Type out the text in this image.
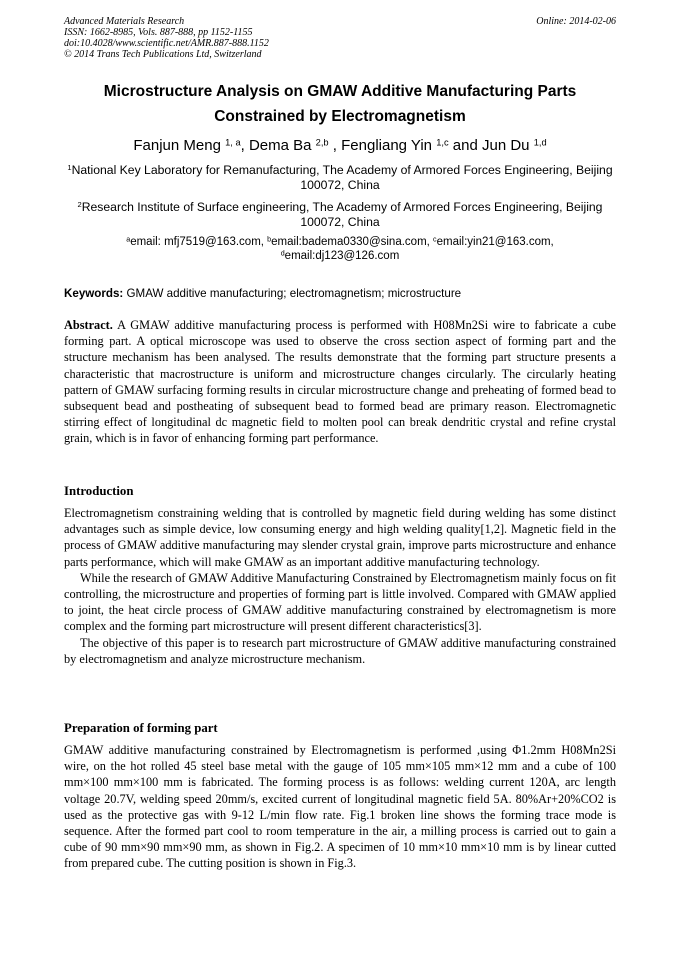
Advanced Materials Research
ISSN: 1662-8985, Vols. 887-888, pp 1152-1155
doi:10.4028/www.scientific.net/AMR.887-888.1152
© 2014 Trans Tech Publications Ltd, Switzerland
Online: 2014-02-06
Microstructure Analysis on GMAW Additive Manufacturing Parts
Constrained by Electromagnetism
Fanjun Meng $^{1, a}$, Dema Ba $^{2,b}$ , Fengliang Yin $^{1,c}$ and Jun Du $^{1,d}$
$^1$National Key Laboratory for Remanufacturing, The Academy of Armored Forces Engineering, Beijing 100072, China
$^2$Research Institute of Surface engineering, The Academy of Armored Forces Engineering, Beijing 100072, China
$^a$email: mfj7519@163.com, $^b$email:badema0330@sina.com, $^c$email:yin21@163.com,
$^d$email:dj123@126.com
Keywords: GMAW additive manufacturing; electromagnetism; microstructure

Abstract. A GMAW additive manufacturing process is performed with H08Mn2Si wire to fabricate a cube forming part. A optical microscope was used to observe the cross section aspect of forming part and the structure mechanism has been analysed. The results demonstrate that the forming part structure presents a characteristic that macrostructure is uniform and microstructure changes circularly. The circularly heating pattern of GMAW surfacing forming results in circular microstructure change and preheating of formed bead to subsequent bead and postheating of subsequent bead to formed bead are primary reason. Electromagnetic stirring effect of longitudinal dc magnetic field to molten pool can break dendritic crystal and refine crystal grain, which is in favor of enhancing forming part performance.

Introduction

Electromagnetism constraining welding that is controlled by magnetic field during welding has some distinct advantages such as simple device, low consuming energy and high welding quality[1,2]. Magnetic field in the process of GMAW additive manufacturing may slender crystal grain, improve parts microstructure and enhance parts performance, which will make GMAW as an important additive manufacturing technology.

While the research of GMAW Additive Manufacturing Constrained by Electromagnetism mainly focus on fit controlling, the microstructure and properties of forming part is little involved. Compared with GMAW applied to joint, the heat circle process of GMAW additive manufacturing constrained by electromagnetism is more complex and the forming part microstructure will present different characteristics[3].

The objective of this paper is to research part microstructure of GMAW additive manufacturing constrained by electromagnetism and analyze microstructure mechanism.

Preparation of forming part

GMAW additive manufacturing constrained by Electromagnetism is performed ,using Φ1.2mm H08Mn2Si wire, on the hot rolled 45 steel base metal with the gauge of 105 mm×105 mm×12 mm and a cube of 100 mm×100 mm×100 mm is fabricated. The forming process is as follows: welding current 120A, arc length voltage 20.7V, welding speed 20mm/s, excited current of longitudinal magnetic field 5A. 80%Ar+20%CO2 is used as the protective gas with 9-12 L/min flow rate. Fig.1 broken line shows the forming trace mode is sequence. After the formed part cool to room temperature in the air, a milling process is carried out to gain a cube of 90 mm×90 mm×90 mm, as shown in Fig.2. A specimen of 10 mm×10 mm×10 mm is by linear cutted from prepared cube. The cutting position is shown in Fig.3.
